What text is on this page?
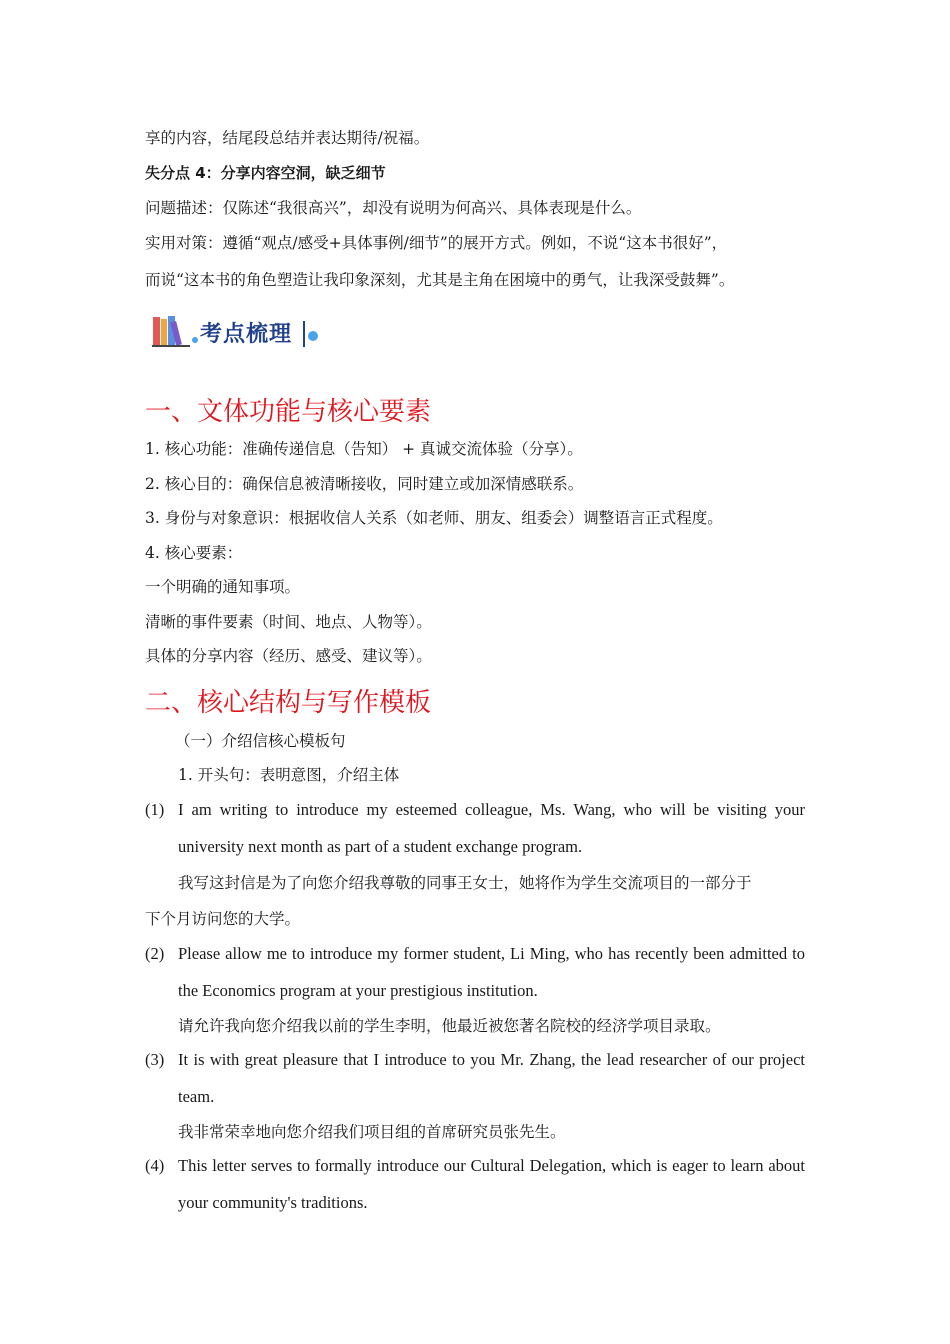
享的内容，结尾段总结并表达期待/祝福。
失分点 4：分享内容空洞，缺乏细节
问题描述：仅陈述“我很高兴”，却没有说明为何高兴、具体表现是什么。
实用对策：遵循“观点/感受+具体事例/细节”的展开方式。例如，不说“这本书很好”，
而说“这本书的角色塑造让我印象深刻，尤其是主角在困境中的勇气，让我深受鼓舞”。
考点梳理
一、文体功能与核心要素
1. 核心功能：准确传递信息（告知） + 真诚交流体验（分享）。
2. 核心目的：确保信息被清晰接收，同时建立或加深情感联系。
3. 身份与对象意识：根据收信人关系（如老师、朋友、组委会）调整语言正式程度。
4. 核心要素：
一个明确的通知事项。
清晰的事件要素（时间、地点、人物等）。
具体的分享内容（经历、感受、建议等）。
二、核心结构与写作模板
（一）介绍信核心模板句
1. 开头句：表明意图，介绍主体
(1) I am writing to introduce my esteemed colleague, Ms. Wang, who will be visiting your
university next month as part of a student exchange program.
我写这封信是为了向您介绍我尊敬的同事王女士，她将作为学生交流项目的一部分于
下个月访问您的大学。
(2) Please allow me to introduce my former student, Li Ming, who has recently been admitted to
the Economics program at your prestigious institution.
请允许我向您介绍我以前的学生李明，他最近被您著名院校的经济学项目录取。
(3) It is with great pleasure that I introduce to you Mr. Zhang, the lead researcher of our project
team.
我非常荣幸地向您介绍我们项目组的首席研究员张先生。
(4) This letter serves to formally introduce our Cultural Delegation, which is eager to learn about
your community's traditions.
